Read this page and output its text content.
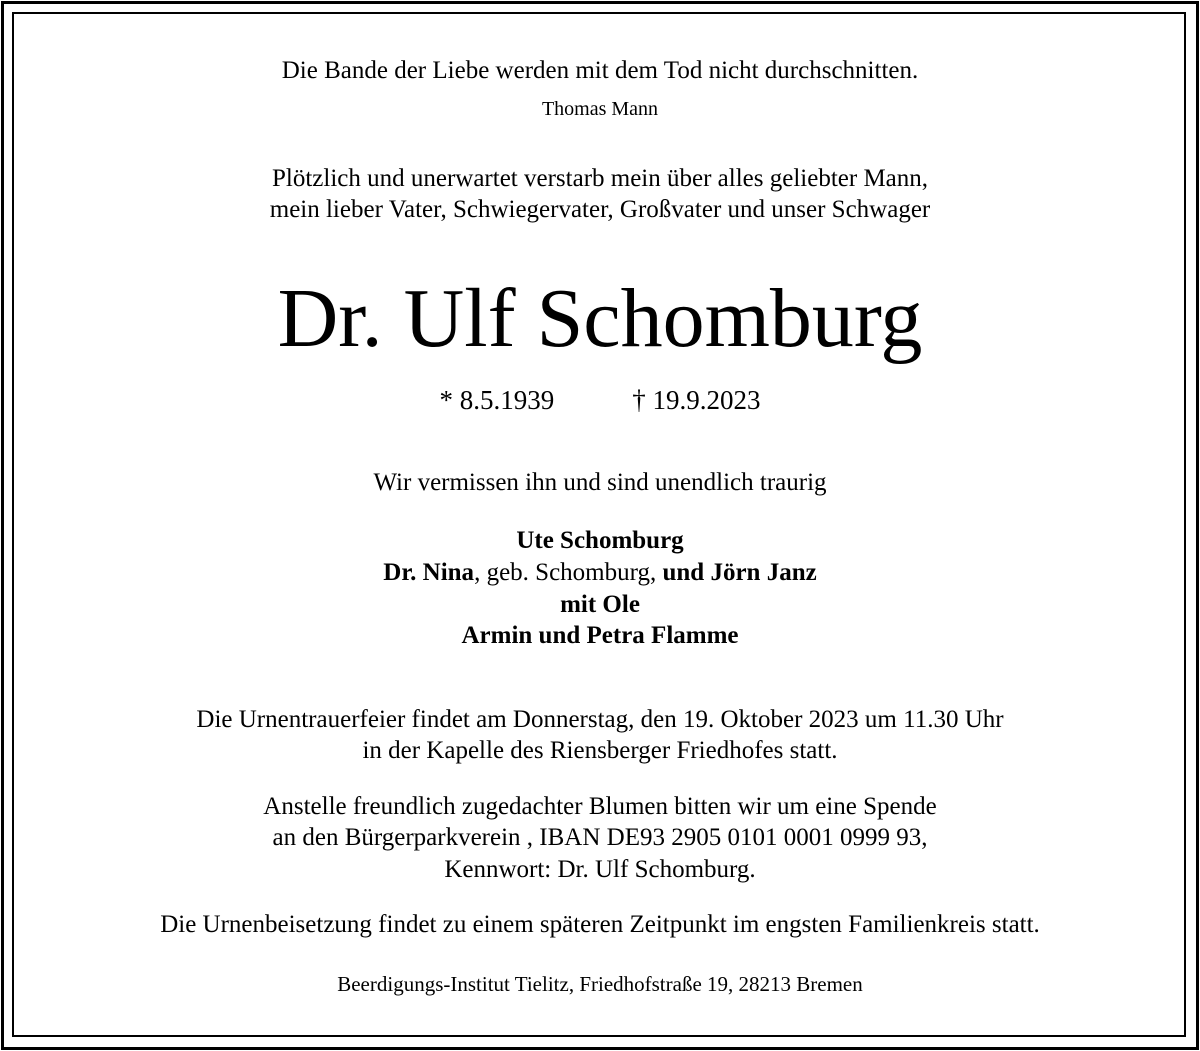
Die Bande der Liebe werden mit dem Tod nicht durchschnitten.
Thomas Mann
Plötzlich und unerwartet verstarb mein über alles geliebter Mann,
mein lieber Vater, Schwiegervater, Großvater und unser Schwager
Dr. Ulf Schomburg
* 8.5.1939	† 19.9.2023
Wir vermissen ihn und sind unendlich traurig
Ute Schomburg
Dr. Nina, geb. Schomburg, und Jörn Janz
mit Ole
Armin und Petra Flamme
Die Urnentrauerfeier findet am Donnerstag, den 19. Oktober 2023 um 11.30 Uhr
in der Kapelle des Riensberger Friedhofes statt.
Anstelle freundlich zugedachter Blumen bitten wir um eine Spende
an den Bürgerparkverein , IBAN DE93 2905 0101 0001 0999 93,
Kennwort: Dr. Ulf Schomburg.
Die Urnenbeisetzung findet zu einem späteren Zeitpunkt im engsten Familienkreis statt.
Beerdigungs-Institut Tielitz, Friedhofstraße 19, 28213 Bremen
